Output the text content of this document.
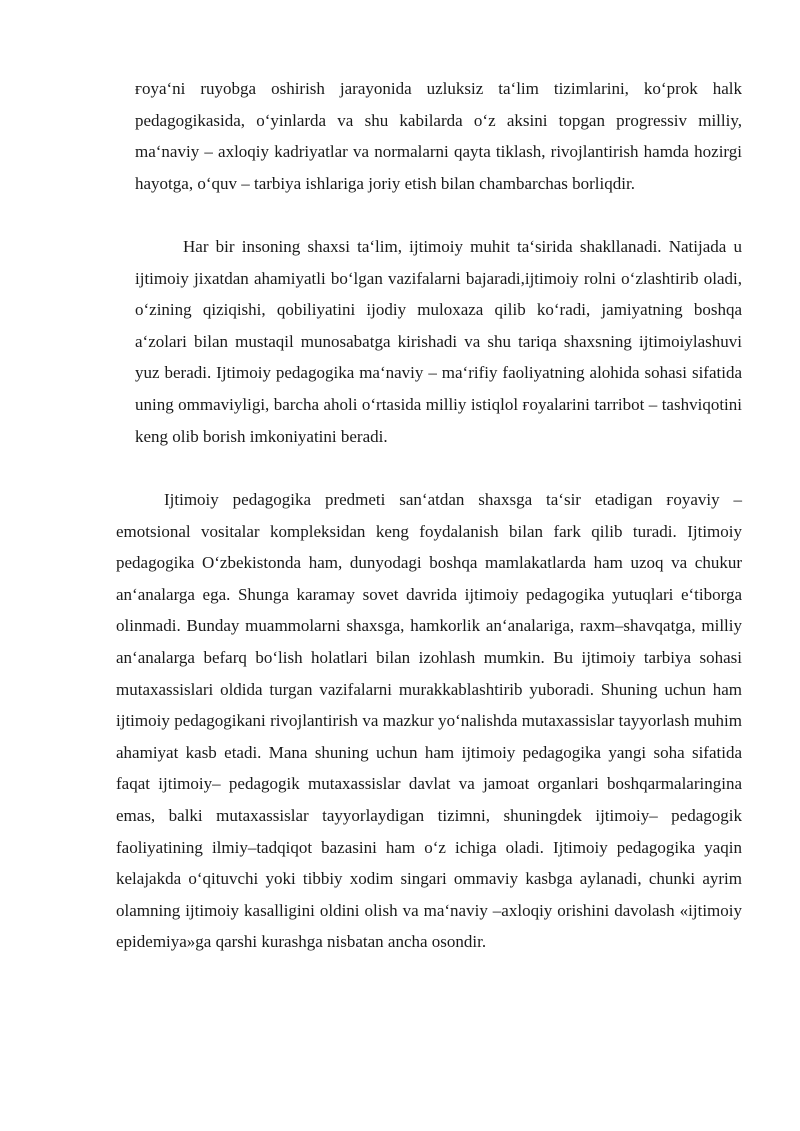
ғoya‘ni ruyobga oshirish jarayonida uzluksiz ta‘lim tizimlarini, ko‘prok halk pedagogikasida, o‘yinlarda va shu kabilarda o‘z aksini topgan progressiv milliy, ma‘naviy – axloqiy kadriyatlar va normalarni qayta tiklash, rivojlantirish hamda hozirgi hayotga, o‘quv – tarbiya ishlariga joriy etish bilan chambarchas borliqdir.

Har bir insoning shaxsi ta‘lim, ijtimoiy muhit ta‘sirida shakllanadi. Natijada u ijtimoiy jixatdan ahamiyatli bo‘lgan vazifalarni bajaradi,ijtimoiy rolni o‘zlashtirib oladi, o‘zining qiziqishi, qobiliyatini ijodiy muloxaza qilib ko‘radi, jamiyatning boshqa a‘zolari bilan mustaqil munosabatga kirishadi va shu tariqa shaxsning ijtimoiylashuvi yuz beradi. Ijtimoiy pedagogika ma‘naviy – ma‘rifiy faoliyatning alohida sohasi sifatida uning ommaviyligi, barcha aholi o‘rtasida milliy istiqlol ғoyalarini tarribot – tashviqotini keng olib borish imkoniyatini beradi.

Ijtimoiy pedagogika predmeti san‘atdan shaxsga ta‘sir etadigan ғoyaviy – emotsional vositalar kompleksidan keng foydalanish bilan fark qilib turadi. Ijtimoiy pedagogika O‘zbekistonda ham, dunyodagi boshqa mamlakatlarda ham uzoq va chukur an‘analarga ega. Shunga karamay sovet davrida ijtimoiy pedagogika yutuqlari e‘tiborga olinmadi. Bunday muammolarni shaxsga, hamkorlik an‘analariga, raxm–shavqatga, milliy an‘analarga befarq bo‘lish holatlari bilan izohlash mumkin. Bu ijtimoiy tarbiya sohasi mutaxassislari oldida turgan vazifalarni murakkablashtirib yuboradi. Shuning uchun ham ijtimoiy pedagogikani rivojlantirish va mazkur yo‘nalishda mutaxassislar tayyorlash muhim ahamiyat kasb etadi. Mana shuning uchun ham ijtimoiy pedagogika yangi soha sifatida faqat ijtimoiy– pedagogik mutaxassislar davlat va jamoat organlari boshqarmalaringina emas, balki mutaxassislar tayyorlaydigan tizimni, shuningdek ijtimoiy– pedagogik faoliyatining ilmiy–tadqiqot bazasini ham o‘z ichiga oladi. Ijtimoiy pedagogika yaqin kelajakda o‘qituvchi yoki tibbiy xodim singari ommaviy kasbga aylanadi, chunki ayrim olamning ijtimoiy kasalligini oldini olish va ma‘naviy –axloqiy orishini davolash «ijtimoiy epidemiya»ga qarshi kurashga nisbatan ancha osondir.
